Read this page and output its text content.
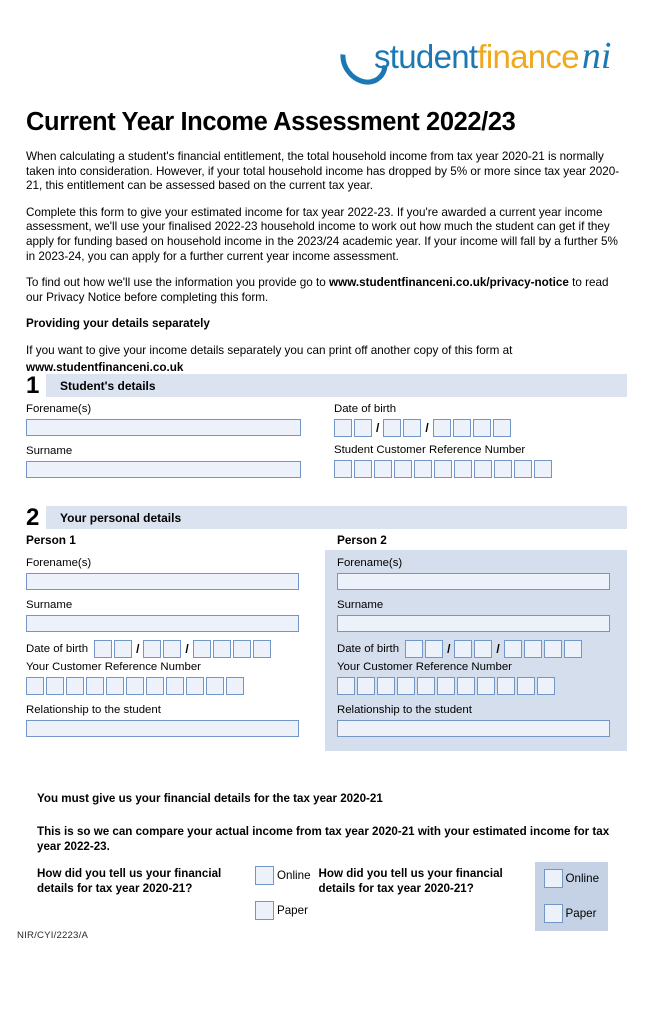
studentfinanceni
Current Year Income Assessment 2022/23

When calculating a student's financial entitlement, the total household income from tax year 2020-21 is normally taken into consideration. However, if your total household income has dropped by 5% or more since tax year 2020-21, this entitlement can be assessed based on the current tax year.

Complete this form to give your estimated income for tax year 2022-23. If you're awarded a current year income assessment, we'll use your finalised 2022-23 household income to work out how much the student can get if they apply for funding based on household income in the 2023/24 academic year. If your income will fall by a further 5% in 2023-24, you can apply for a further current year income assessment.

To find out how we'll use the information you provide go to www.studentfinanceni.co.uk/privacy-notice to read our Privacy Notice before completing this form.

Providing your details separately

If you want to give your income details separately you can print off another copy of this form at

www.studentfinanceni.co.uk

1	Student's details
Forename(s)
Surname
Date of birth
/	/
Student Customer Reference Number
2	Your personal details
Person 1
Forename(s)
Surname
Date of birth	/	/
Your Customer Reference Number
Relationship to the student
Person 2
Forename(s)
Surname
Date of birth	/	/
Your Customer Reference Number
Relationship to the student

You must give us your financial details for the tax year 2020-21

This is so we can compare your actual income from tax year 2020-21 with your estimated income for tax year 2022-23.

How did you tell us your financial details for tax year 2020-21?
Online
Paper
How did you tell us your financial details for tax year 2020-21?
Online
Paper
NIR/CYI/2223/A
